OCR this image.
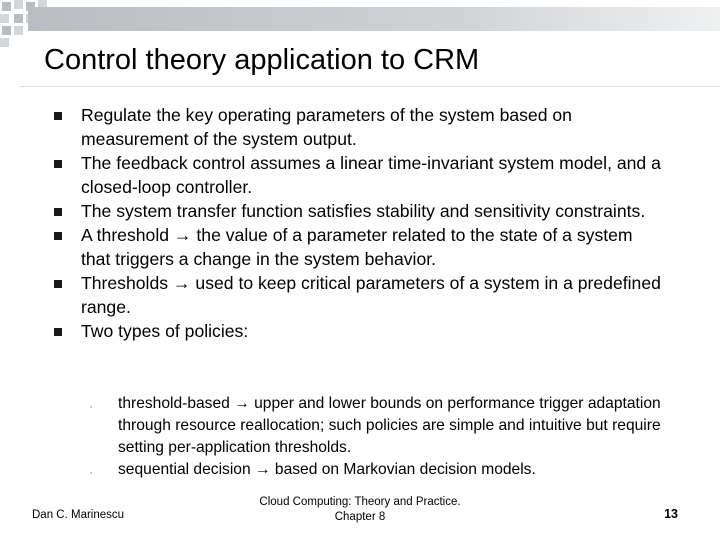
Control theory application to CRM
Regulate the key operating parameters of the system based on measurement of the system output.
The feedback control assumes a linear time-invariant system model, and a closed-loop controller.
The system transfer function satisfies stability and sensitivity constraints.
A threshold → the value of a parameter related to the state of a system that triggers a change in the system behavior.
Thresholds → used to keep critical parameters of a system in a predefined range.
Two types of policies:
▪ threshold-based → upper and lower bounds on performance trigger adaptation through resource reallocation; such policies are simple and intuitive but require setting per-application thresholds.
▪ sequential decision → based on Markovian decision models.
Dan C. Marinescu
Cloud Computing: Theory and Practice.
Chapter 8	13
